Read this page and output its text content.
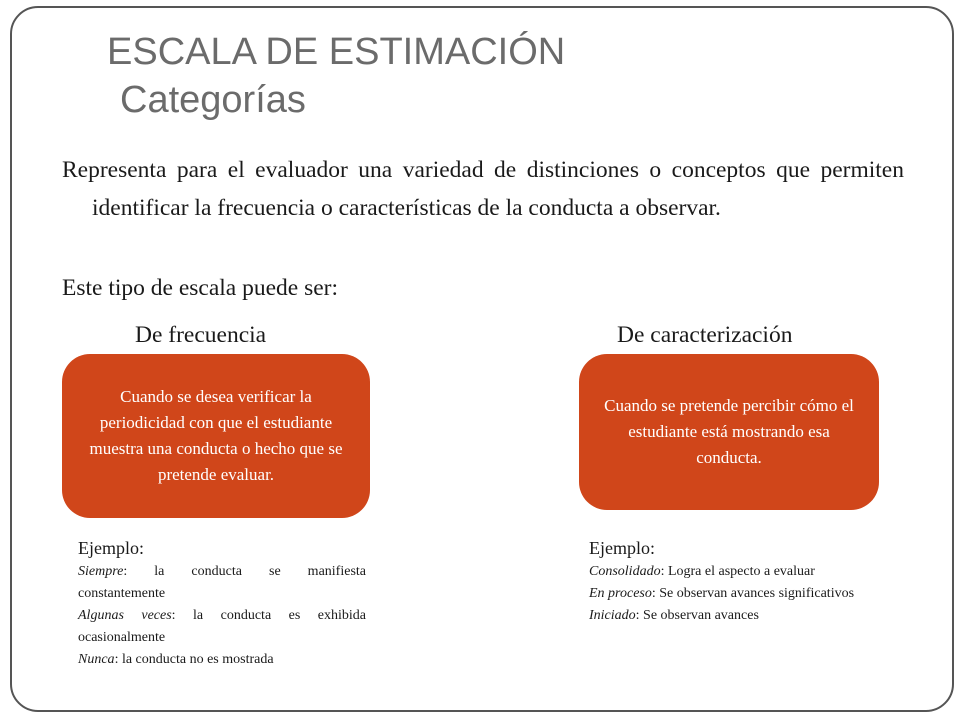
ESCALA DE ESTIMACIÓN
Categorías

Representa para el evaluador una variedad de distinciones o conceptos que permiten identificar la frecuencia o características de la conducta a observar.

Este tipo de escala puede ser:

De frecuencia	De caracterización
Cuando se desea verificar la periodicidad con que el estudiante muestra una conducta o hecho que se pretende evaluar.
Cuando se pretende percibir cómo el estudiante está mostrando esa conducta.
Ejemplo:

Siempre: la conducta se manifiesta

constantemente

Algunas veces: la conducta es exhibida

ocasionalmente

Nunca: la conducta no es mostrada

Ejemplo:

Consolidado: Logra el aspecto a evaluar

En proceso: Se observan avances significativos

Iniciado: Se observan avances
